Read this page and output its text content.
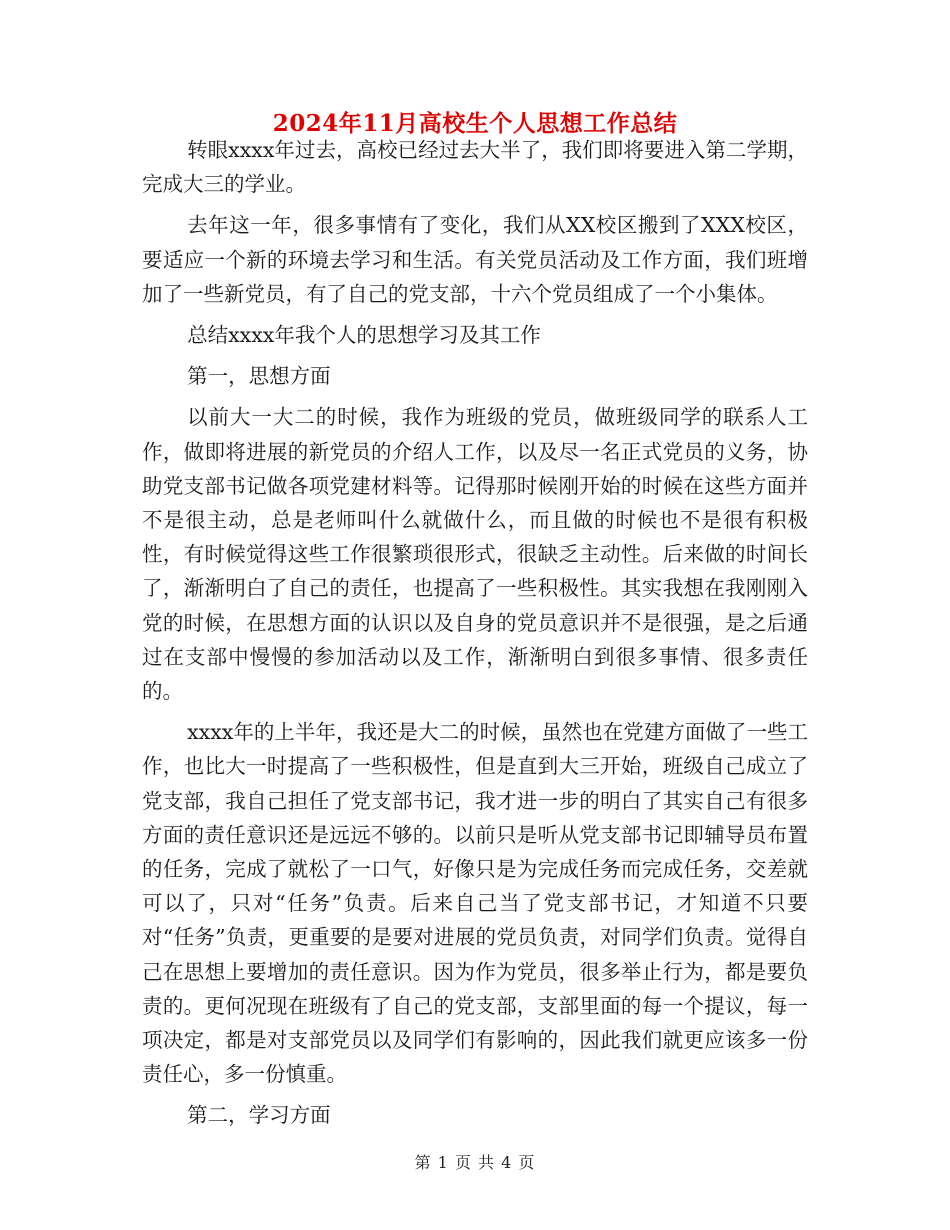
2024年11月高校生个人思想工作总结

转眼xxxx年过去，高校已经过去大半了，我们即将要进入第二学期，完成大三的学业。

去年这一年，很多事情有了变化，我们从XX校区搬到了XXX校区，要适应一个新的环境去学习和生活。有关党员活动及工作方面，我们班增加了一些新党员，有了自己的党支部，十六个党员组成了一个小集体。

总结xxxx年我个人的思想学习及其工作

第一，思想方面

以前大一大二的时候，我作为班级的党员，做班级同学的联系人工作，做即将进展的新党员的介绍人工作，以及尽一名正式党员的义务，协助党支部书记做各项党建材料等。记得那时候刚开始的时候在这些方面并不是很主动，总是老师叫什么就做什么，而且做的时候也不是很有积极性，有时候觉得这些工作很繁琐很形式，很缺乏主动性。后来做的时间长了，渐渐明白了自己的责任，也提高了一些积极性。其实我想在我刚刚入党的时候，在思想方面的认识以及自身的党员意识并不是很强，是之后通过在支部中慢慢的参加活动以及工作，渐渐明白到很多事情、很多责任的。

xxxx年的上半年，我还是大二的时候，虽然也在党建方面做了一些工作，也比大一时提高了一些积极性，但是直到大三开始，班级自己成立了党支部，我自己担任了党支部书记，我才进一步的明白了其实自己有很多方面的责任意识还是远远不够的。以前只是听从党支部书记即辅导员布置的任务，完成了就松了一口气，好像只是为完成任务而完成任务，交差就可以了，只对“任务”负责。后来自己当了党支部书记，才知道不只要对“任务”负责，更重要的是要对进展的党员负责，对同学们负责。觉得自己在思想上要增加的责任意识。因为作为党员，很多举止行为，都是要负责的。更何况现在班级有了自己的党支部，支部里面的每一个提议，每一项决定，都是对支部党员以及同学们有影响的，因此我们就更应该多一份责任心，多一份慎重。

第二，学习方面

第 1 页 共 4 页
